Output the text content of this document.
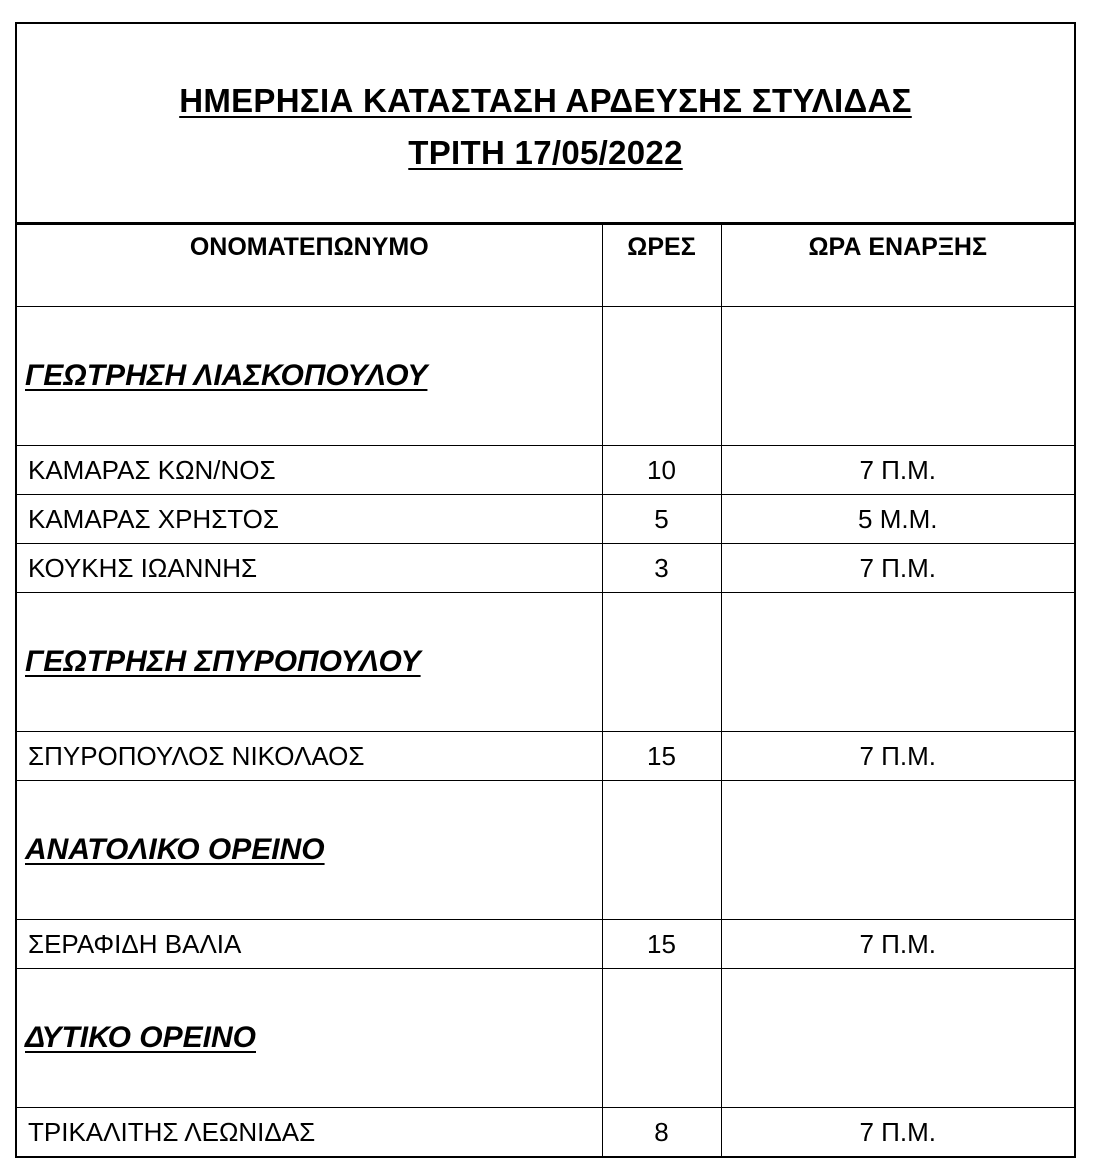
ΗΜΕΡΗΣΙΑ ΚΑΤΑΣΤΑΣΗ ΑΡΔΕΥΣΗΣ ΣΤΥΛΙΔΑΣ
ΤΡΙΤΗ 17/05/2022
ΟΝΟΜΑΤΕΠΩΝΥΜΟ	ΩΡΕΣ	ΩΡΑ ΕΝΑΡΞΗΣ
ΓΕΩΤΡΗΣΗ ΛΙΑΣΚΟΠΟΥΛΟΥ		
ΚΑΜΑΡΑΣ ΚΩΝ/ΝΟΣ	10	7 Π.Μ.
ΚΑΜΑΡΑΣ ΧΡΗΣΤΟΣ	5	5 Μ.Μ.
ΚΟΥΚΗΣ ΙΩΑΝΝΗΣ	3	7 Π.Μ.
ΓΕΩΤΡΗΣΗ ΣΠΥΡΟΠΟΥΛΟΥ		
ΣΠΥΡΟΠΟΥΛΟΣ ΝΙΚΟΛΑΟΣ	15	7 Π.Μ.
ΑΝΑΤΟΛΙΚΟ ΟΡΕΙΝΟ		
ΣΕΡΑΦΙΔΗ ΒΑΛΙΑ	15	7 Π.Μ.
ΔΥΤΙΚΟ ΟΡΕΙΝΟ		
ΤΡΙΚΑΛΙΤΗΣ ΛΕΩΝΙΔΑΣ	8	7 Π.Μ.
